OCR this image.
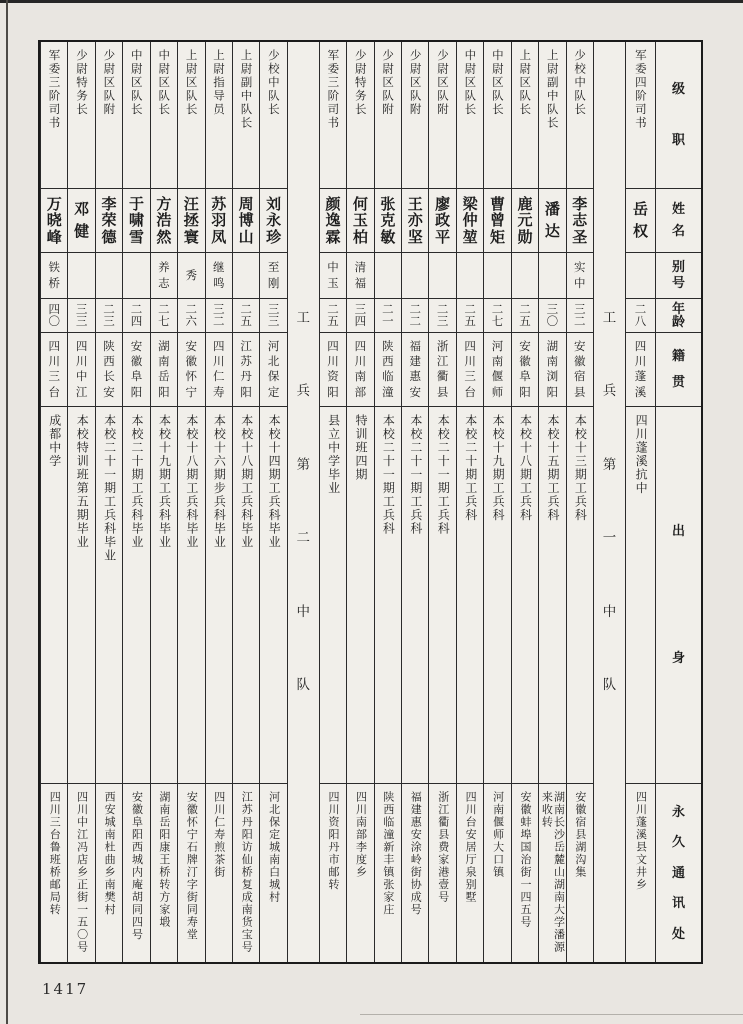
级
职
姓
名
别
号
年
龄
籍
贯
出
身
永
久
通
讯
处
军委四阶司书
岳
权
二
八
四
川
蓬
溪
四川蓬溪抗中
四川蓬溪县文井乡
工
兵
第
一
中
队
少校中队长
李
志
圣
实
中
三
二
安
徽
宿
县
本校十三期工兵科
安徽宿县湖沟集
上尉副中队长
潘
达
三
〇
湖
南
浏
阳
本校十五期工兵科
湖南长沙岳麓山湖南大学潘源来收转
上尉区队长
鹿
元
勋
二
五
安
徽
阜
阳
本校十八期工兵科
安徽蚌埠国治街一四五号
中尉区队长
曹
曾
矩
二
七
河
南
偃
师
本校十九期工兵科
河南偃师大口镇
中尉区队长
梁
仲
堃
二
五
四
川
三
台
本校二十期工兵科
四川台安居厅泉别墅
少尉区队附
廖
政
平
二
三
浙
江
衢
县
本校二十一期工兵科
浙江衢县费家港壹号
少尉区队附
王
亦
坚
二
二
福
建
惠
安
本校二十一期工兵科
福建惠安涂岭街协成号
少尉区队附
张
克
敏
二
一
陕
西
临
潼
本校二十一期工兵科
陕西临潼新丰镇张家庄
少尉特务长
何
玉
柏
清
福
三
四
四
川
南
部
特训班四期
四川南部李度乡
军委三阶司书
颜
逸
霖
中
玉
二
五
四
川
资
阳
县立中学毕业
四川资阳丹市邮转
工
兵
第
二
中
队
少校中队长
刘
永
珍
至
刚
三
三
河
北
保
定
本校十四期工兵科毕业
河北保定城南白城村
上尉副中队长
周
博
山
二
五
江
苏
丹
阳
本校十八期工兵科毕业
江苏丹阳访仙桥复成南货宝号
上尉指导员
苏
羽
凤
继
鸣
三
二
四
川
仁
寿
本校十六期步兵科毕业
四川仁寿煎茶街
上尉区队长
汪
拯
寰
秀
二
六
安
徽
怀
宁
本校十八期工兵科毕业
安徽怀宁石牌汀字街同寿堂
中尉区队长
方
浩
然
养
志
二
七
湖
南
岳
阳
本校十九期工兵科毕业
湖南岳阳康王桥转方家塅
中尉区队长
于
啸
雪
二
四
安
徽
阜
阳
本校二十期工兵科毕业
安徽阜阳西城内庵胡同四号
少尉区队附
李
荣
德
二
三
陕
西
长
安
本校二十一期工兵科毕业
西安城南杜曲乡南樊村
少尉特务长
邓
健
三
三
四
川
中
江
本校特训班第五期毕业
四川中江冯店乡正街一五〇号
军委三阶司书
万
晓
峰
铁
桥
四
〇
四
川
三
台
成都中学
四川三台鲁班桥邮局转
1417
